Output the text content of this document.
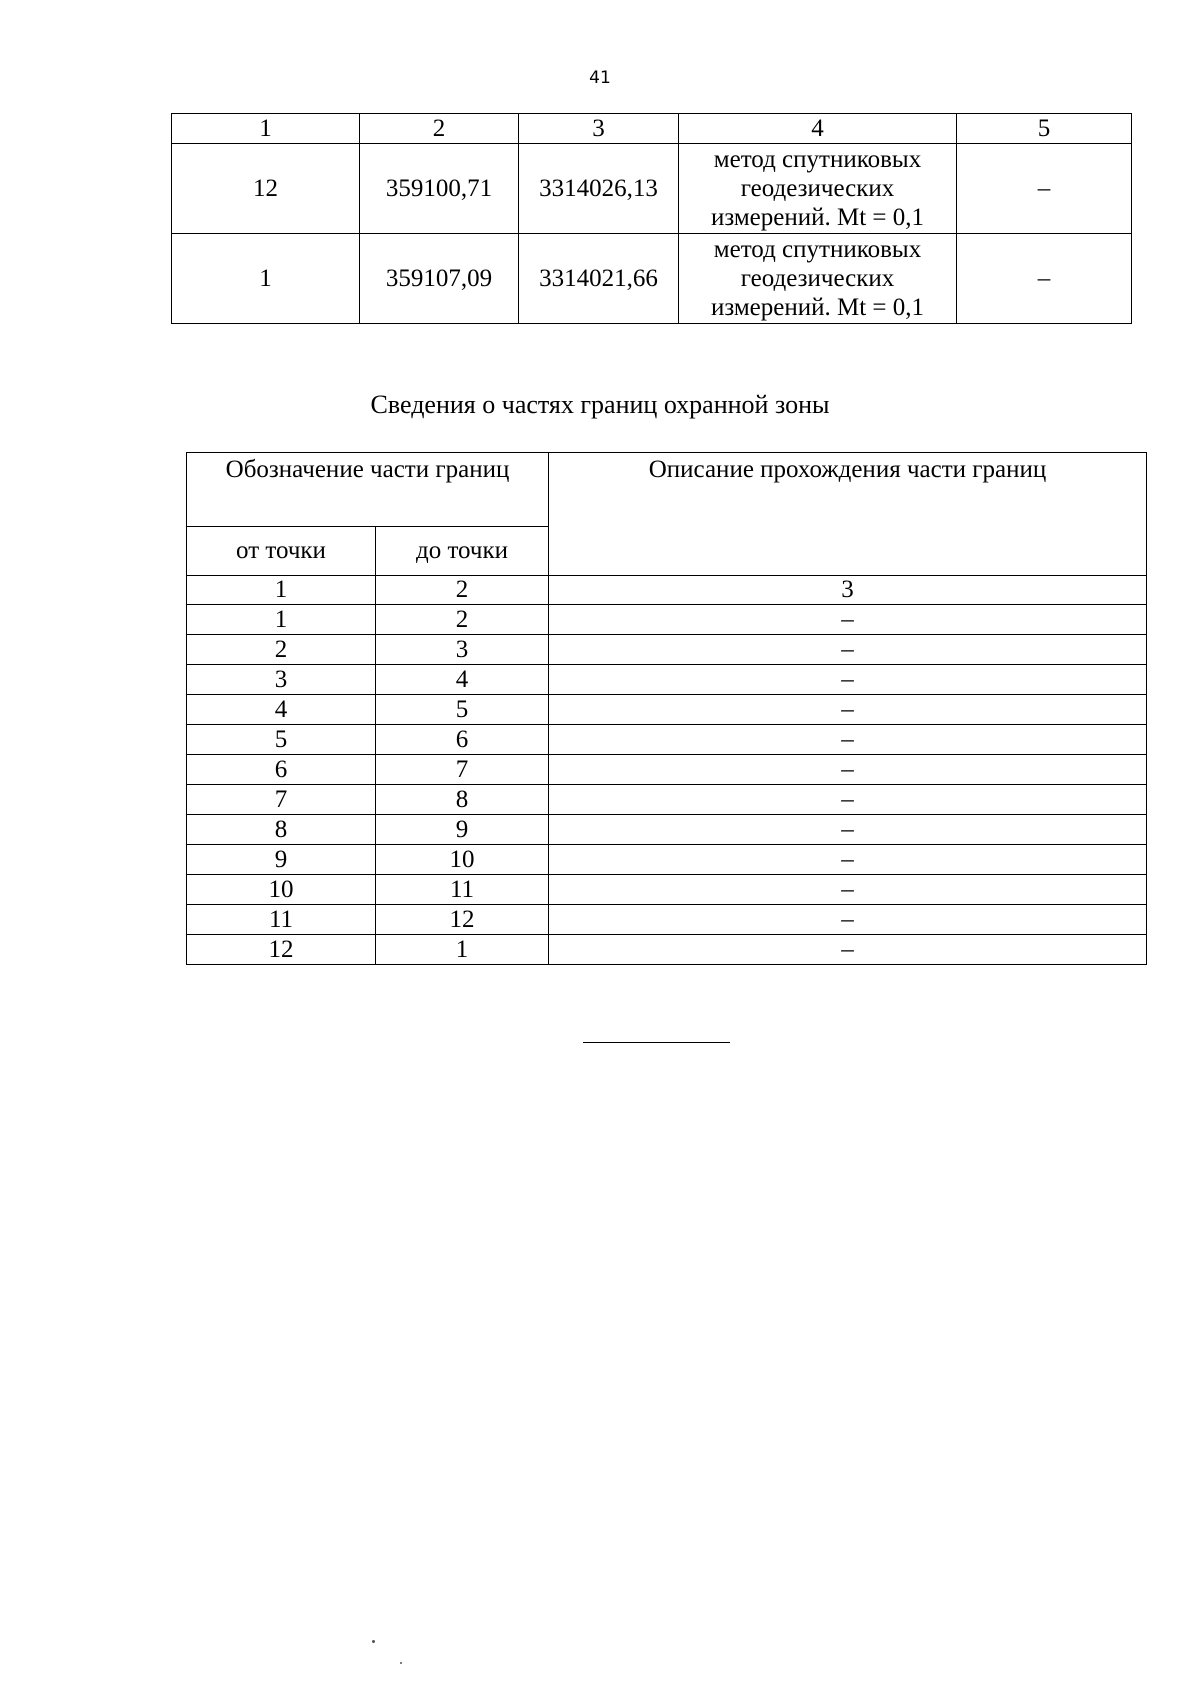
41
1	2	3	4	5
12	359100,71	3314026,13	метод спутниковых
геодезических
измерений. Mt = 0,1	–
1	359107,09	3314021,66	метод спутниковых
геодезических
измерений. Mt = 0,1	–
Сведения о частях границ охранной зоны
Обозначение части границ		Описание прохождения части границ
от точки	до точки	
1	2	3
1	2	–
2	3	–
3	4	–
4	5	–
5	6	–
6	7	–
7	8	–
8	9	–
9	10	–
10	11	–
11	12	–
12	1	–
